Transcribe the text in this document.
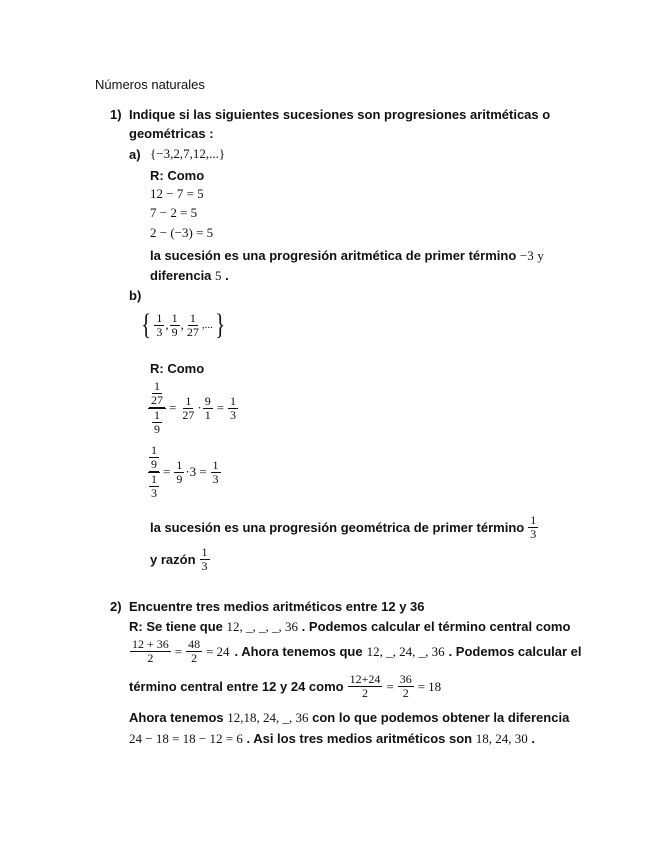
Números naturales
1) Indique si las siguientes sucesiones son progresiones aritméticas o
geométricas :
a) {−3,2,7,12,...}
R: Como
12 − 7 = 5
7 − 2 = 5
2 − (−3) = 5
la sucesión es una progresión aritmética de primer término −3 y
diferencia 5 .
b)
{ $\frac{1}{3}$ , $\frac{1}{9}$ , $\frac{1}{27}$ ,... }
R: Como
$\frac{\frac{1}{27}}{\frac{1}{9}} = \frac{1}{27} \cdot \frac{9}{1} = \frac{1}{3}$
$\frac{\frac{1}{9}}{\frac{1}{3}} = \frac{1}{9} \cdot 3 = \frac{1}{3}$
la sucesión es una progresión geométrica de primer término $\frac{1}{3}$
y razón $\frac{1}{3}$
2) Encuentre tres medios aritméticos entre 12 y 36
R: Se tiene que 12, _, _, _, 36 . Podemos calcular el término central como
$\frac{12 + 36}{2} = \frac{48}{2} = 24$ . Ahora tenemos que 12, _, 24, _, 36 . Podemos calcular el
término central entre 12 y 24 como $\frac{12+24}{2} = \frac{36}{2} = 18$
Ahora tenemos 12,18, 24, _, 36 con lo que podemos obtener la diferencia
24 − 18 = 18 − 12 = 6 . Asi los tres medios aritméticos son 18, 24, 30 .
